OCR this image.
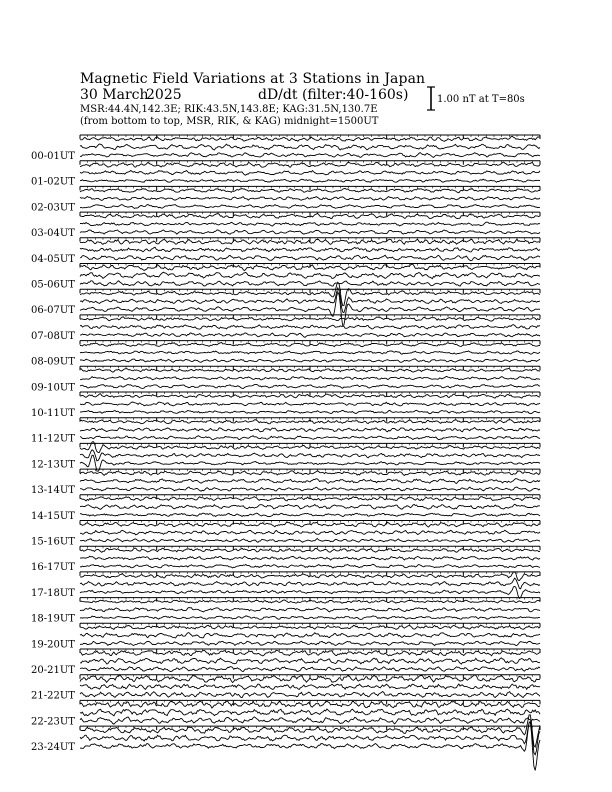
Magnetic Field Variations at 3 Stations in Japan
30 March2025	dD/dt (filter:40-160s)
MSR:44.4N,142.3E; RIK:43.5N,143.8E; KAG:31.5N,130.7E
(from bottom to top, MSR, RIK, & KAG) midnight=1500UT
1.00 nT at T=80s
00-01UT
01-02UT
02-03UT
03-04UT
04-05UT
05-06UT
06-07UT
07-08UT
08-09UT
09-10UT
10-11UT
11-12UT
12-13UT
13-14UT
14-15UT
15-16UT
16-17UT
17-18UT
18-19UT
19-20UT
20-21UT
21-22UT
22-23UT
23-24UT
